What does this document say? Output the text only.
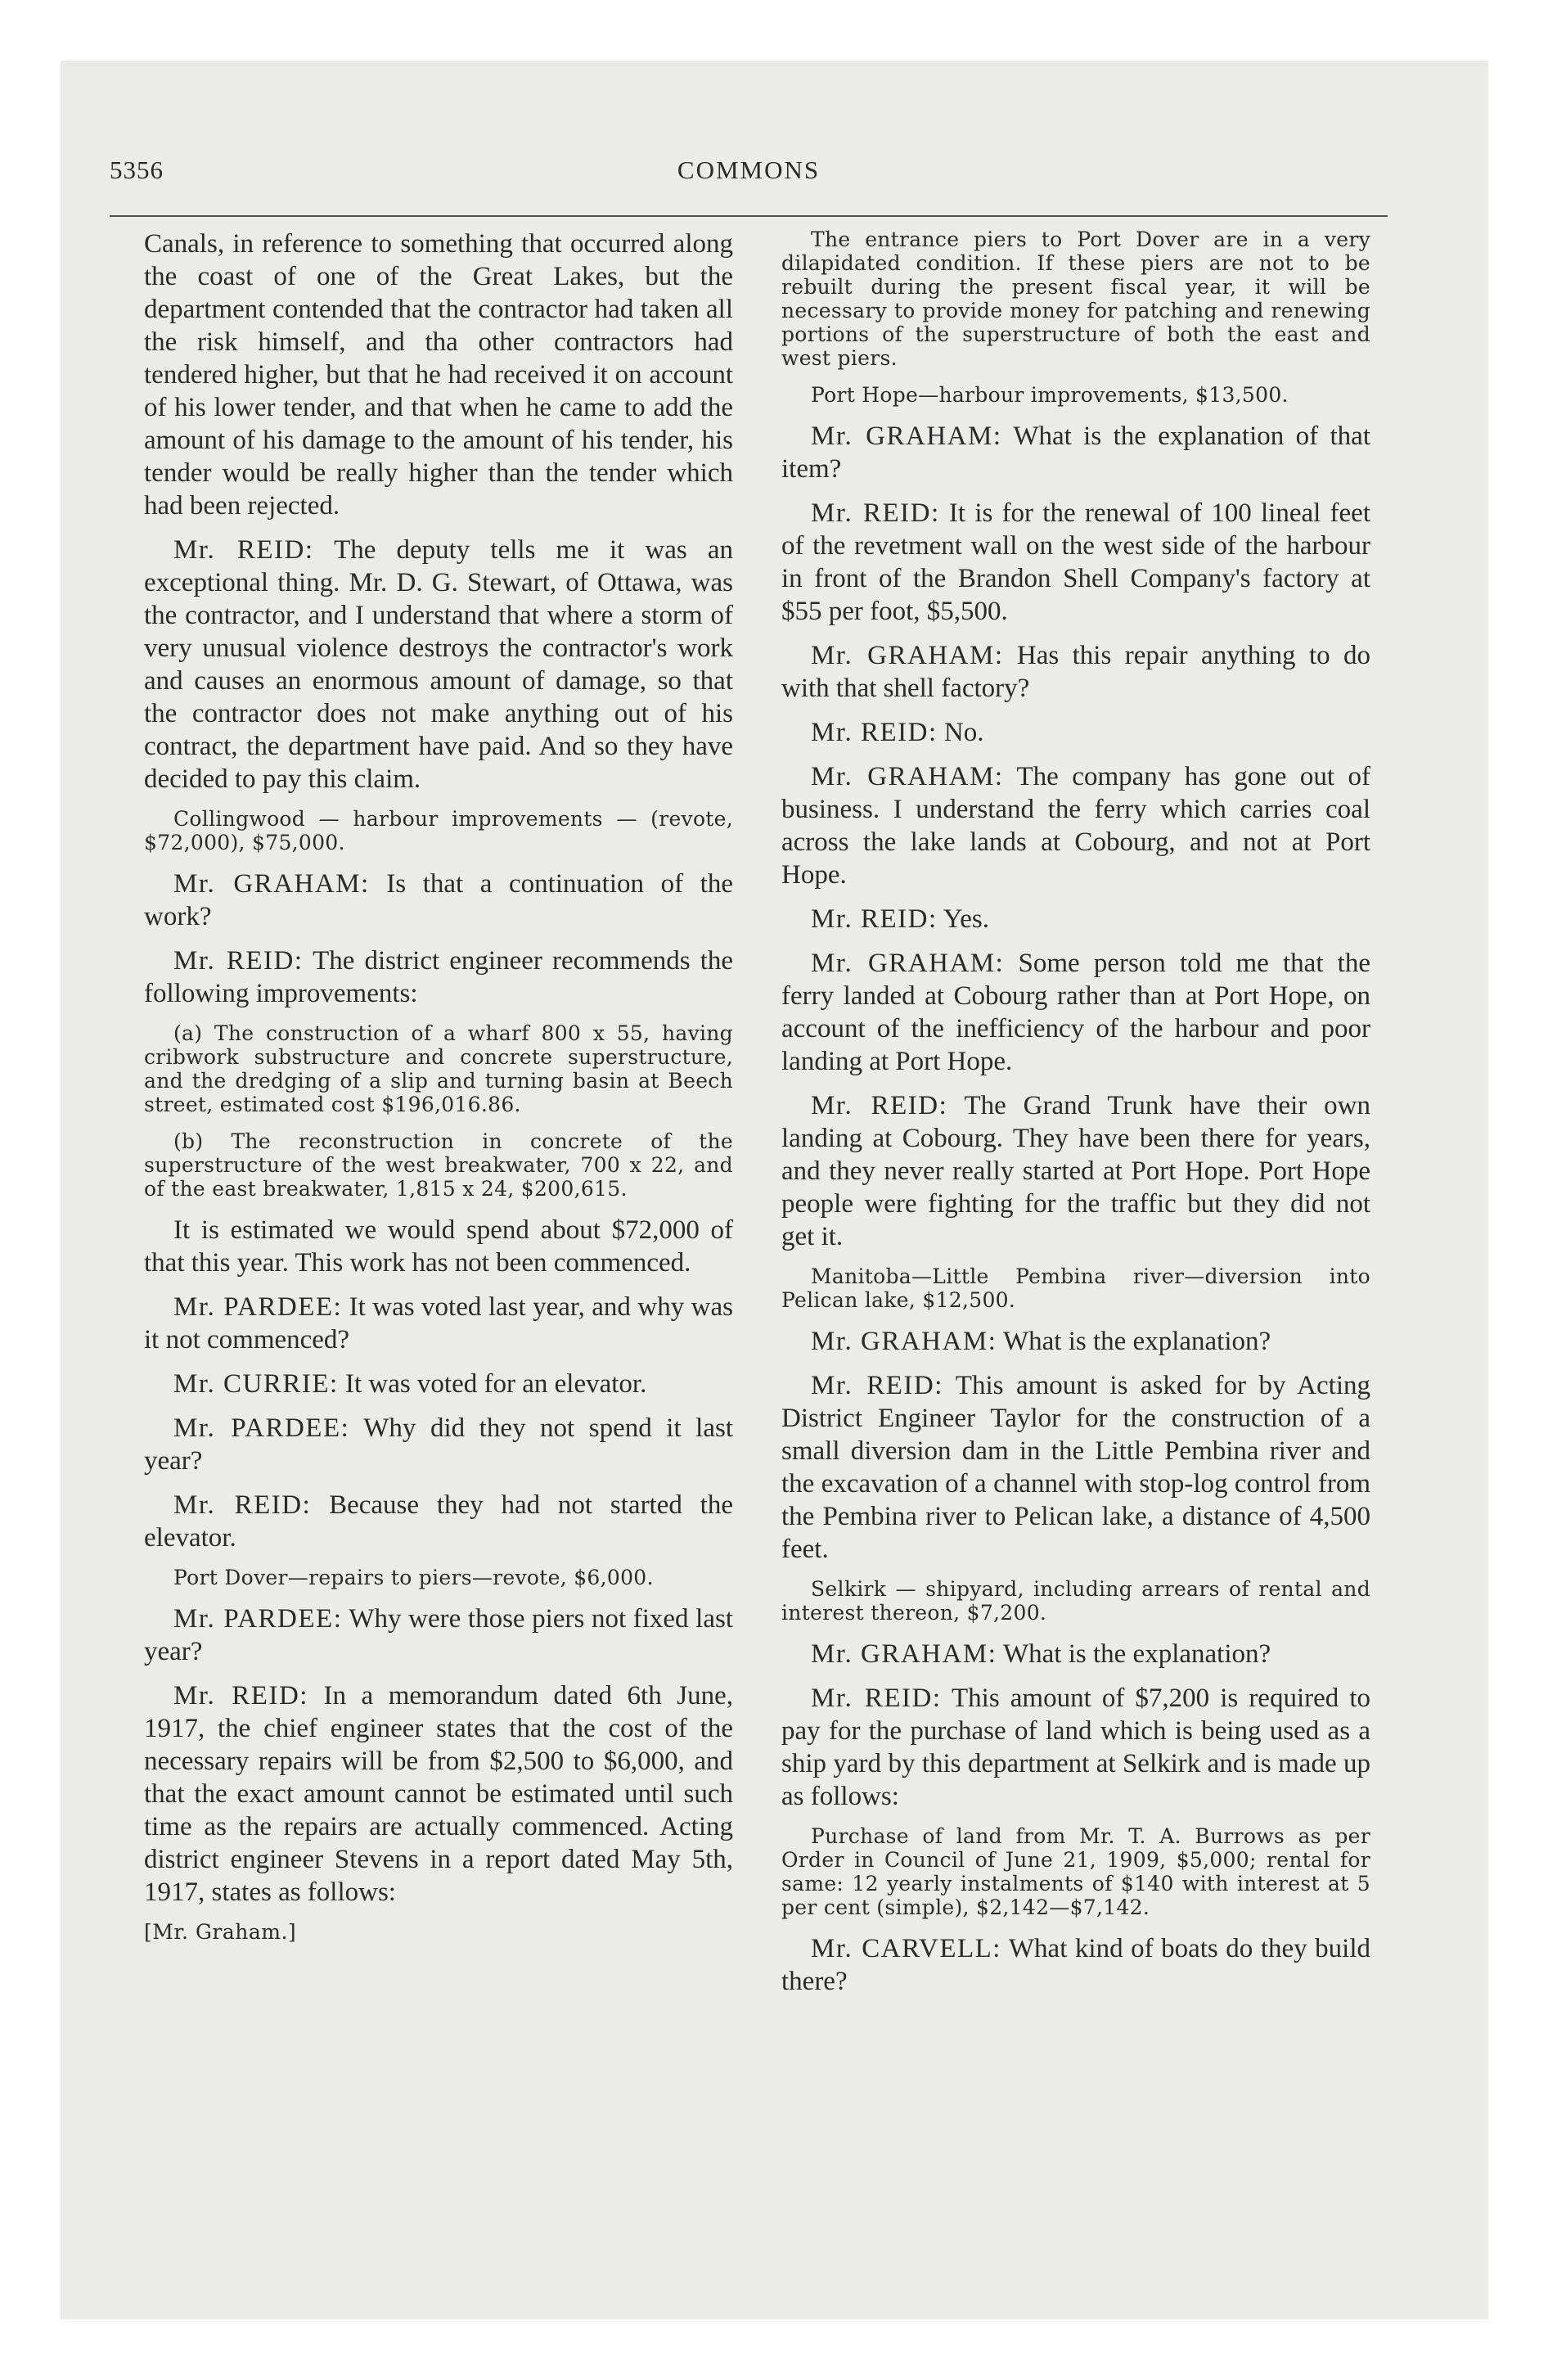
5356	COMMONS

Canals, in reference to something that occurred along the coast of one of the Great Lakes, but the department contended that the contractor had taken all the risk himself, and tha other contractors had tendered higher, but that he had received it on account of his lower tender, and that when he came to add the amount of his damage to the amount of his tender, his tender would be really higher than the tender which had been rejected.

Mr. REID: The deputy tells me it was an exceptional thing. Mr. D. G. Stewart, of Ottawa, was the contractor, and I understand that where a storm of very unusual violence destroys the contractor's work and causes an enormous amount of damage, so that the contractor does not make anything out of his contract, the department have paid. And so they have decided to pay this claim.

Collingwood — harbour improvements — (revote, $72,000), $75,000.

Mr. GRAHAM: Is that a continuation of the work?

Mr. REID: The district engineer recommends the following improvements:

(a) The construction of a wharf 800 x 55, having cribwork substructure and concrete superstructure, and the dredging of a slip and turning basin at Beech street, estimated cost $196,016.86.

(b) The reconstruction in concrete of the superstructure of the west breakwater, 700 x 22, and of the east breakwater, 1,815 x 24, $200,615.

It is estimated we would spend about $72,000 of that this year. This work has not been commenced.

Mr. PARDEE: It was voted last year, and why was it not commenced?

Mr. CURRIE: It was voted for an elevator.

Mr. PARDEE: Why did they not spend it last year?

Mr. REID: Because they had not started the elevator.

Port Dover—repairs to piers—revote, $6,000.

Mr. PARDEE: Why were those piers not fixed last year?

Mr. REID: In a memorandum dated 6th June, 1917, the chief engineer states that the cost of the necessary repairs will be from $2,500 to $6,000, and that the exact amount cannot be estimated until such time as the repairs are actually commenced. Acting district engineer Stevens in a report dated May 5th, 1917, states as follows:

[Mr. Graham.]

The entrance piers to Port Dover are in a very dilapidated condition. If these piers are not to be rebuilt during the present fiscal year, it will be necessary to provide money for patching and renewing portions of the superstructure of both the east and west piers.

Port Hope—harbour improvements, $13,500.

Mr. GRAHAM: What is the explanation of that item?

Mr. REID: It is for the renewal of 100 lineal feet of the revetment wall on the west side of the harbour in front of the Brandon Shell Company's factory at $55 per foot, $5,500.

Mr. GRAHAM: Has this repair anything to do with that shell factory?

Mr. REID: No.

Mr. GRAHAM: The company has gone out of business. I understand the ferry which carries coal across the lake lands at Cobourg, and not at Port Hope.

Mr. REID: Yes.

Mr. GRAHAM: Some person told me that the ferry landed at Cobourg rather than at Port Hope, on account of the inefficiency of the harbour and poor landing at Port Hope.

Mr. REID: The Grand Trunk have their own landing at Cobourg. They have been there for years, and they never really started at Port Hope. Port Hope people were fighting for the traffic but they did not get it.

Manitoba—Little Pembina river—diversion into Pelican lake, $12,500.

Mr. GRAHAM: What is the explanation?

Mr. REID: This amount is asked for by Acting District Engineer Taylor for the construction of a small diversion dam in the Little Pembina river and the excavation of a channel with stop-log control from the Pembina river to Pelican lake, a distance of 4,500 feet.

Selkirk — shipyard, including arrears of rental and interest thereon, $7,200.

Mr. GRAHAM: What is the explanation?

Mr. REID: This amount of $7,200 is required to pay for the purchase of land which is being used as a ship yard by this department at Selkirk and is made up as follows:

Purchase of land from Mr. T. A. Burrows as per Order in Council of June 21, 1909, $5,000; rental for same: 12 yearly instalments of $140 with interest at 5 per cent (simple), $2,142—$7,142.

Mr. CARVELL: What kind of boats do they build there?
